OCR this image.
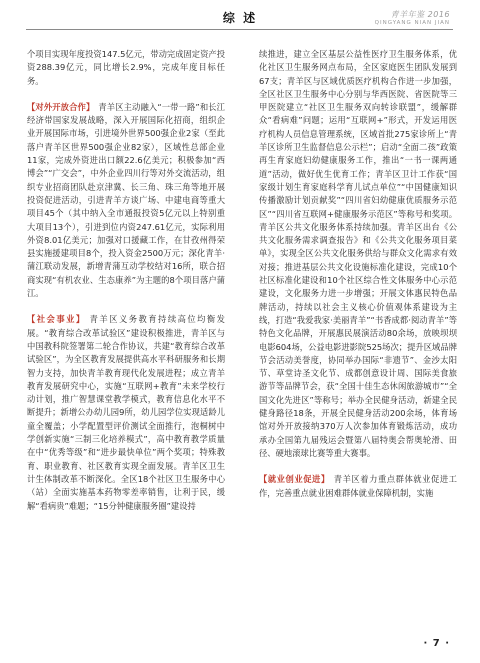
综 述	青羊年鉴 2016
QINGYANG NIAN JIAN

个项目实现年度投资147.5亿元，带动完成固定资产投资288.39亿元，同比增长2.9%，完成年度目标任务。

【对外开放合作】 青羊区主动融入“一带一路”和长江经济带国家发展战略，深入开展国际化招商，组织企业开展国际市场，引进境外世界500强企业2家（至此落户青羊区世界500强企业82家），区域性总部企业11家，完成外资进出口额22.6亿美元；积极参加“西博会”“广交会”，中外企业四川行等对外交流活动，组织专业招商团队赴京津冀、长三角、珠三角等地开展投资促进活动，引进青羊方谈广场、中建电商等重大项目45个（其中纳入全市通报投资5亿元以上特别重大项目13个），引进到位内资247.61亿元，实际利用外资8.01亿美元；加强对口援藏工作，在甘孜州得荣县实施援建项目8个，投入资金2500万元；深化青羊·蒲江联动发展，新增青蒲互动学校结对16所，联合招商实现“有机农业、生态康养”为主题的8个项目落户蒲江。

【社会事业】 青羊区义务教育持续高位均衡发展。“教育综合改革试验区”建设积极推进，青羊区与中国教科院签署第二轮合作协议，共建“教育综合改革试验区”，为全区教育发展提供高水平科研服务和长期智力支持，加快青羊教育现代化发展进程；成立青羊教育发展研究中心，实施“互联网+教育”未来学校行动计划，推广智慧课堂教学模式，教育信息化水平不断提升；新增公办幼儿园9所，幼儿园学位实现适龄儿童全覆盖；小学配置型评价测试全面推行，泡桐树中学创新实施“三制三化培养模式”，高中教育教学质量在中“优秀等级”和“进步最快单位”两个奖项；特殊教育、职业教育、社区教育实现全面发展。青羊区卫生计生体制改革不断深化。全区18个社区卫生服务中心（站）全面实施基本药物零差率销售，让利于民，缓解“看病贵”难题；“15分钟健康服务圈”建设持

续推进，建立全区基层公益性医疗卫生服务体系，优化社区卫生服务网点布局，全区家庭医生团队发展到67支；青羊区与区域优质医疗机构合作进一步加强，全区社区卫生服务中心分别与华西医院、省医院等三甲医院建立“社区卫生服务双向转诊联盟”，缓解群众“看病难”问题；运用“互联网+”形式，开发运用医疗机构人员信息管理系统，区域首批275家诊所上“青羊区诊所卫生监督信息公示栏”；启动“全面二孩”政策再生育家庭妇幼健康服务工作，推出“一书一课两通道”活动，做好优生优育工作；青羊区卫计工作获“国家级计划生育家庭科学育儿试点单位”“中国健康知识传播激励计划贡献奖”“四川省妇幼健康优质服务示范区”“四川省互联网+健康服务示范区”等称号和奖项。青羊区公共文化服务体系持续加强。青羊区出台《公共文化服务需求调查报告》和《公共文化服务项目菜单》，实现全区公共文化服务供给与群众文化需求有效对接；推进基层公共文化设施标准化建设，完成10个社区标准化建设和10个社区综合性文体服务中心示范建设，文化服务力进一步增强；开展文体惠民特色品牌活动，持续以社会主义核心价值观体系建设为主线，打造“我爱我家·美丽青羊”“书香成都·阅动青羊”等特色文化品牌，开展惠民展演活动80余场，放映坝坝电影604场，公益电影进影院525场次；提升区域品牌节会活动美誉度，协同举办国际“非遗节”、金沙太阳节、草堂诗圣文化节、成都创意设计周、国际美食旅游节等品牌节会，获“全国十佳生态休闲旅游城市”“全国文化先进区”等称号；举办全民健身活动，新建全民健身路径18条，开展全民健身活动200余场，体育场馆对外开放接纳370万人次参加体育锻炼活动，成功承办全国第九届残运会暨第八届特奥会帮奥轮滑、田径、硬地滚球比赛等重大赛事。

【就业创业促进】 青羊区着力重点群体就业促进工作，完善重点就业困难群体就业保障机制，实施

· 7 ·
